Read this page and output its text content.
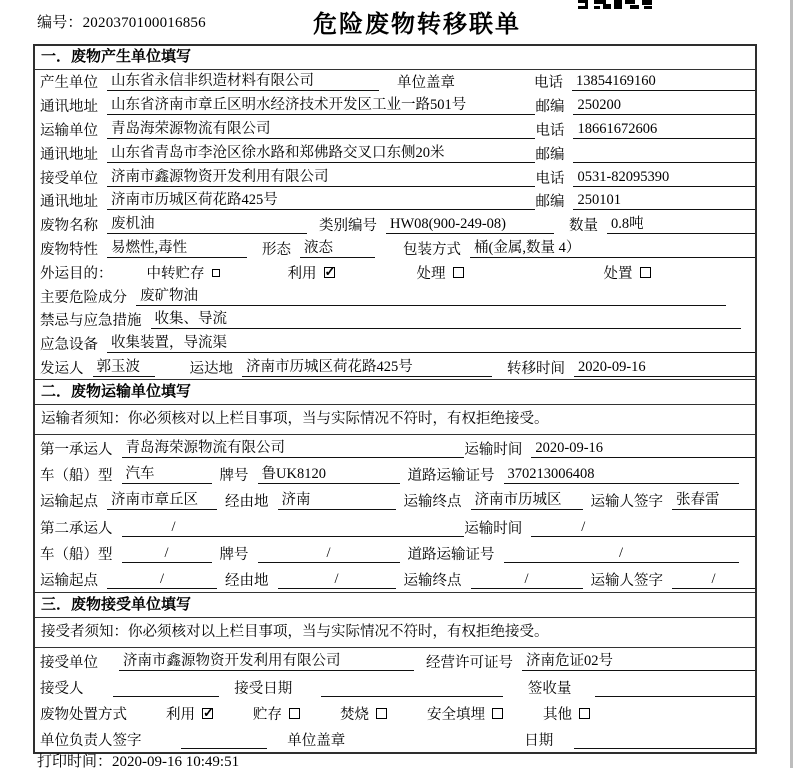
编号：2020370100016856	危险废物转移联单
一．废物产生单位填写
产生单位 山东省永信非织造材料有限公司	单位盖章	电话 13854169160
通讯地址 山东省济南市章丘区明水经济技术开发区工业一路501号	邮编 250200
运输单位 青岛海荣源物流有限公司	电话 18661672606
通讯地址 山东省青岛市李沧区徐水路和郑佛路交叉口东侧20米	邮编
接受单位 济南市鑫源物资开发利用有限公司	电话 0531-82095390
通讯地址 济南市历城区荷花路425号	邮编 250101
废物名称 废机油	类别编号 HW08(900-249-08)	数量 0.8吨
废物特性 易燃性,毒性	形态 液态	包装方式 桶(金属,数量 4）
外运目的： 中转贮存	利用 ✓	处理	处置
主要危险成分 废矿物油
禁忌与应急措施 收集、导流
应急设备 收集装置，导流渠
发运人 郭玉波	运达地 济南市历城区荷花路425号	转移时间 2020-09-16
二．废物运输单位填写
运输者须知：你必须核对以上栏目事项，当与实际情况不符时，有权拒绝接受。
第一承运人 青岛海荣源物流有限公司	运输时间 2020-09-16
车（船）型 汽车	牌号 鲁UK8120	道路运输证号 370213006408
运输起点 济南市章丘区	经由地 济南	运输终点 济南市历城区	运输人签字 张春雷
第二承运人	/	运输时间	/
车（船）型	/	牌号	/	道路运输证号	/
运输起点	/	经由地	/	运输终点	/	运输人签字	/
三．废物接受单位填写
接受者须知：你必须核对以上栏目事项，当与实际情况不符时，有权拒绝接受。
接受单位 济南市鑫源物资开发利用有限公司	经营许可证号 济南危证02号
接受人	接受日期	签收量
废物处置方式	利用 ✓	贮存	焚烧	安全填埋	其他
单位负责人签字	单位盖章	日期
打印时间：2020-09-16 10:49:51
